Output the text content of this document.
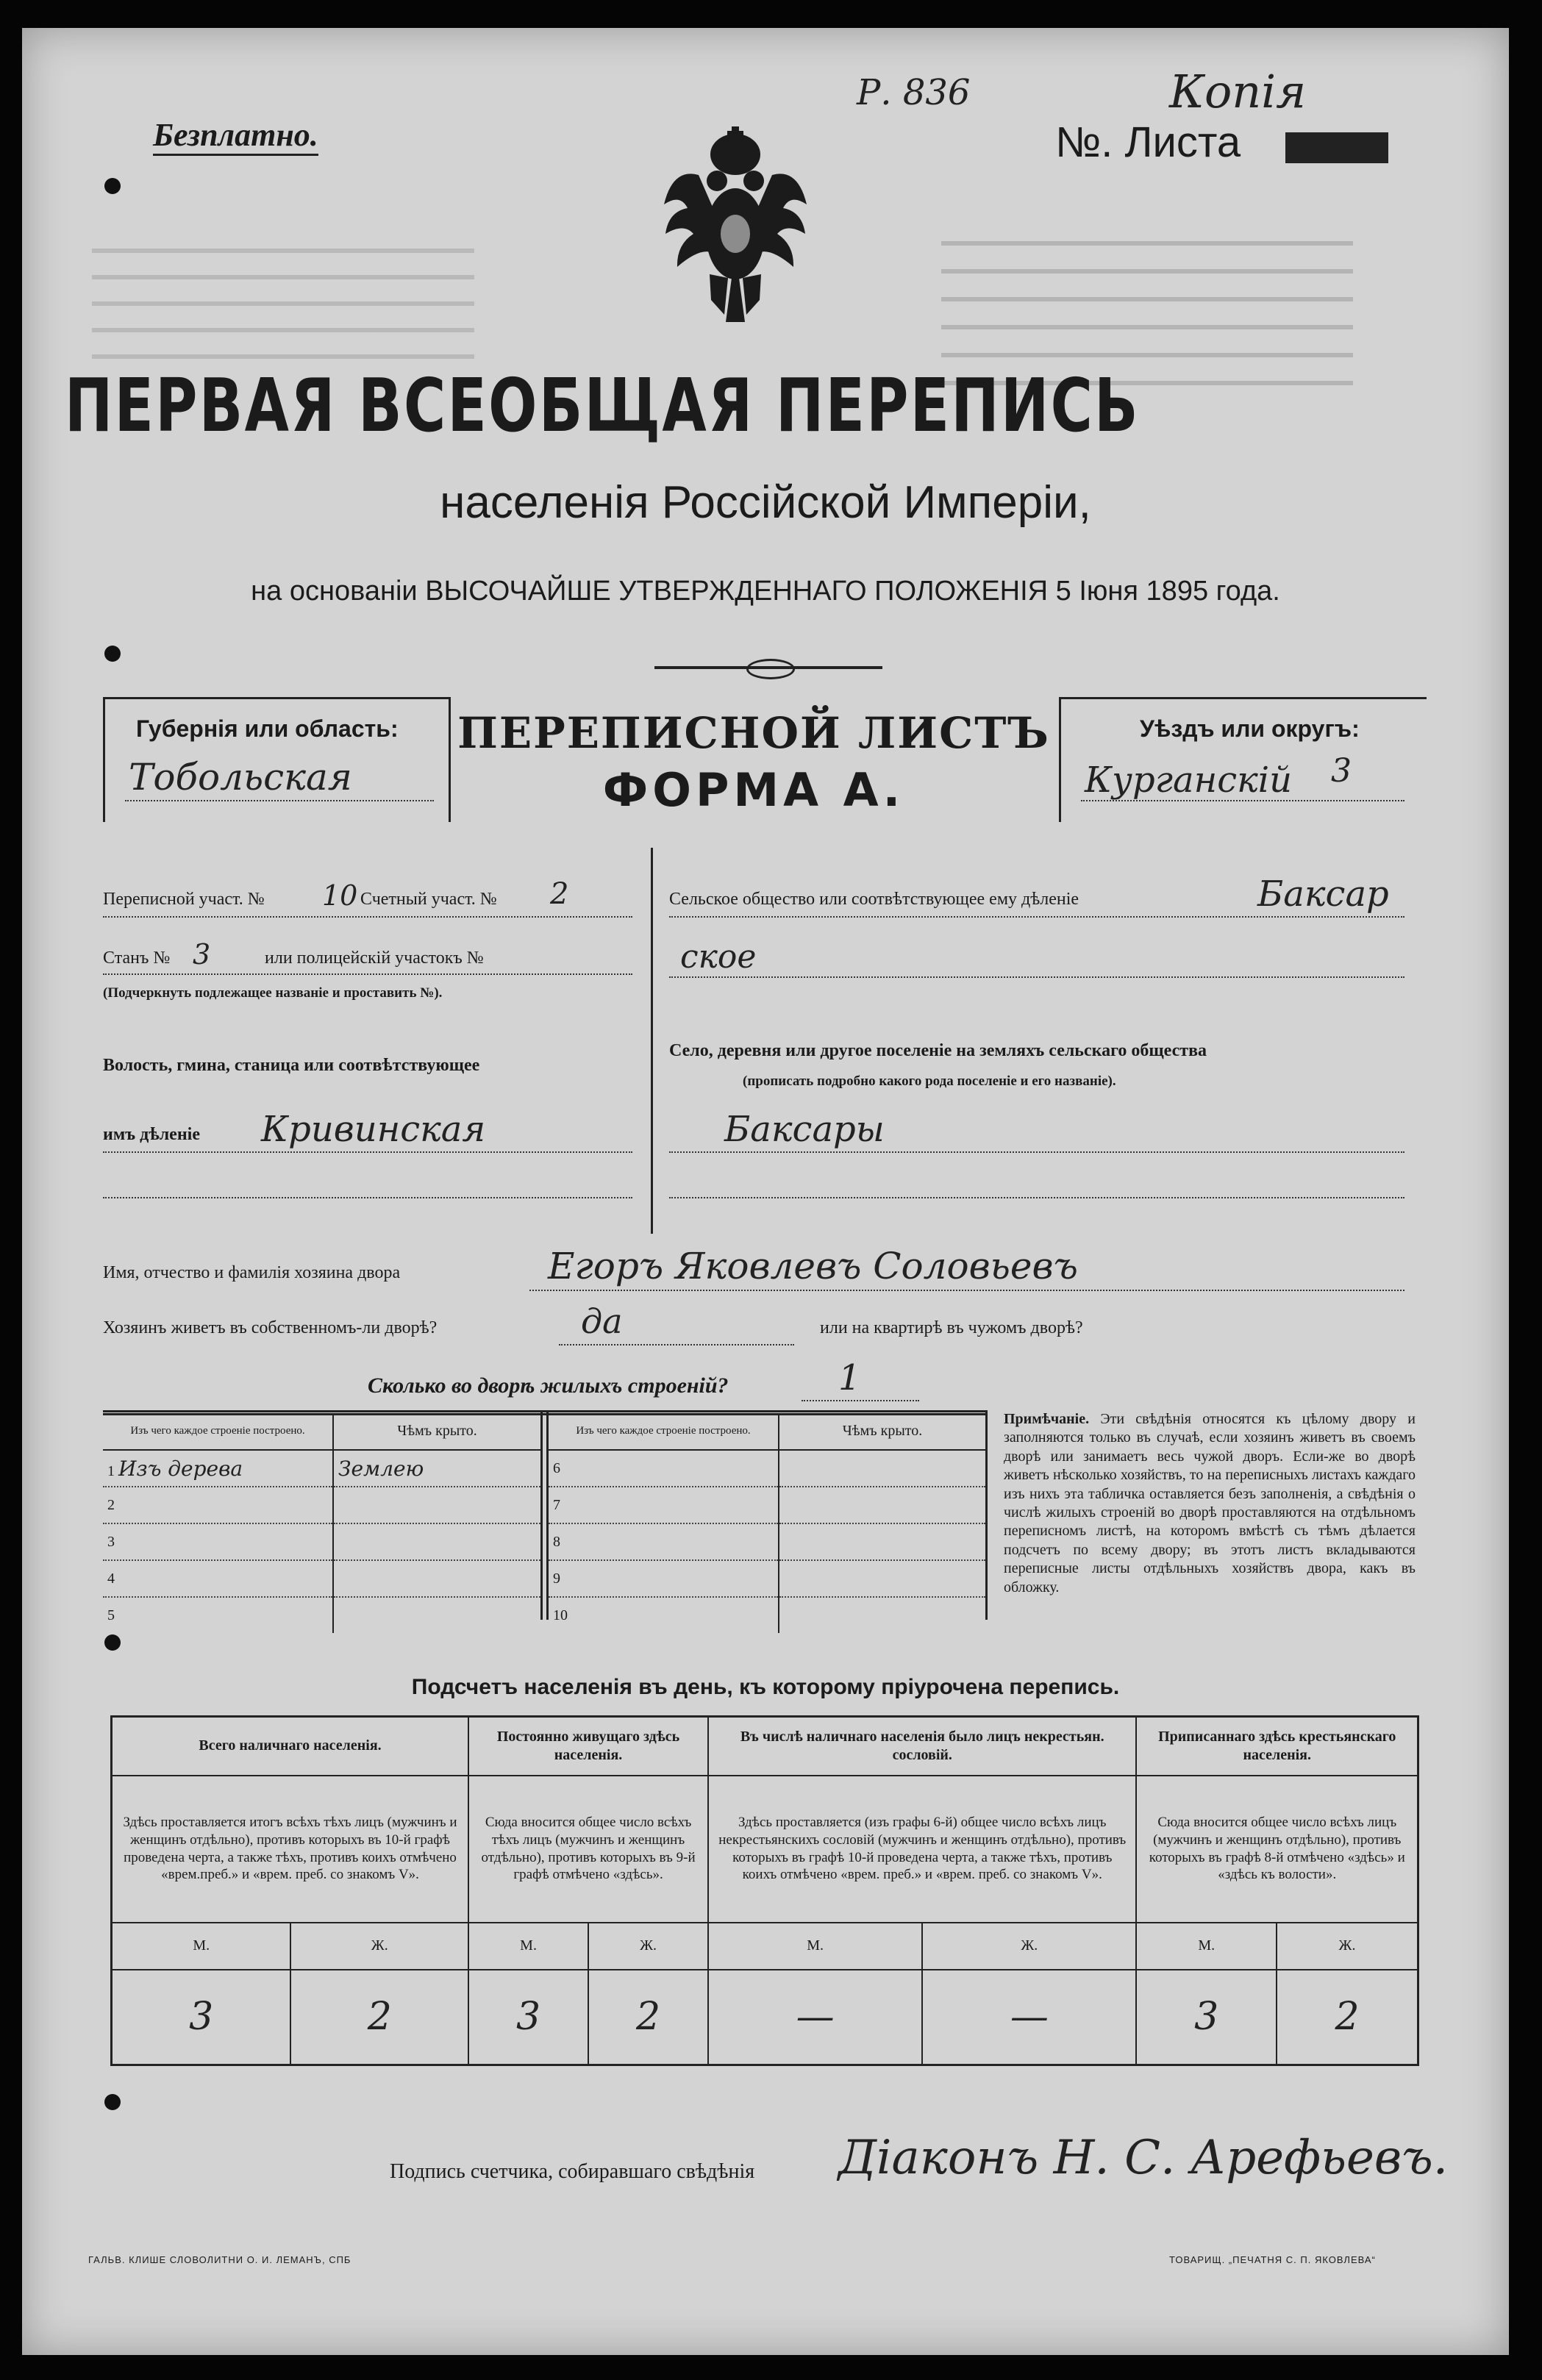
Безплатно.
Р. 836	Копiя
№. Листа
ПЕРВАЯ ВСЕОБЩАЯ ПЕРЕПИСЬ
населенія Россійской Имперіи,
на основаніи ВЫСОЧАЙШЕ УТВЕРЖДЕННАГО ПОЛОЖЕНІЯ 5 Іюня 1895 года.
Губернія или область:
Тобольская
ПЕРЕПИСНОЙ ЛИСТЪ
ФОРМА А.
Уѣздъ или округъ:
Курганскiй 3
Переписной участ. № 10 Счетный участ. № 2
Станъ № 3	или полицейскій участокъ №
(Подчеркнуть подлежащее названіе и проставить №).
Волость, гмина, станица или соотвѣтствующее
имъ дѣленіе Кривинская
Сельское общество или соотвѣтствующее ему дѣленіе	Баксар
ское
Село, деревня или другое поселеніе на земляхъ сельскаго общества
(прописать подробно какого рода поселеніе и его названіе).
Баксары
Имя, отчество и фамилія хозяина двора	Егоръ Яковлевъ Соловьевъ
Хозяинъ живетъ въ собственномъ-ли дворѣ?	да	или на квартирѣ въ чужомъ дворѣ?
Сколько во дворѣ жилыхъ строеній?	1
Изъ чего каждое строеніе построено.	Чѣмъ крыто.
1 Изъ дерева	Землею
2	
3	
4	
5	
Изъ чего каждое строеніе построено.	Чѣмъ крыто.
6	
7	
8	
9	
10	
Примѣчаніе. Эти свѣдѣнія относятся къ цѣлому двору и заполняются только въ случаѣ, если хозяинъ живетъ въ своемъ дворѣ или занимаетъ весь чужой дворъ. Если-же во дворѣ живетъ нѣсколько хозяйствъ, то на переписныхъ листахъ каждаго изъ нихъ эта табличка оставляется безъ заполненія, а свѣдѣнія о числѣ жилыхъ строеній во дворѣ проставляются на отдѣльномъ переписномъ листѣ, на которомъ вмѣстѣ съ тѣмъ дѣлается подсчетъ по всему двору; въ этотъ листъ вкладываются переписные листы отдѣльныхъ хозяйствъ двора, какъ въ обложку.
Подсчетъ населенія въ день, къ которому пріурочена перепись.
Всего наличнаго населенія.		Постоянно живущаго здѣсь населенія.		Въ числѣ наличнаго населенія было лицъ некрестьян. сословій.		Приписаннаго здѣсь крестьянскаго населенія.	
Здѣсь проставляется итогъ всѣхъ тѣхъ лицъ (мужчинъ и женщинъ отдѣльно), противъ которыхъ въ 10-й графѣ проведена черта, а также тѣхъ, противъ коихъ отмѣчено «врем.преб.» и «врем. преб. со знакомъ V».		Сюда вносится общее число всѣхъ тѣхъ лицъ (мужчинъ и женщинъ отдѣльно), противъ которыхъ въ 9-й графѣ отмѣчено «здѣсь».		Здѣсь проставляется (изъ графы 6-й) общее число всѣхъ лицъ некрестьянскихъ сословій (мужчинъ и женщинъ отдѣльно), противъ которыхъ въ графѣ 10-й проведена черта, а также тѣхъ, противъ коихъ отмѣчено «врем. преб.» и «врем. преб. со знакомъ V».		Сюда вносится общее число всѣхъ лицъ (мужчинъ и женщинъ отдѣльно), противъ которыхъ въ графѣ 8-й отмѣчено «здѣсь» и «здѣсь къ волости».	
М.	Ж.	М.	Ж.	М.	Ж.	М.	Ж.
3	2	3	2	—	—	3	2
Подпись счетчика, собиравшаго свѣдѣнія Дiаконъ Н. С. Арефьевъ.
ГАЛЬВ. КЛИШЕ СЛОВОЛИТНИ О. И. ЛЕМАНЪ, СПБ	ТОВАРИЩ. „ПЕЧАТНЯ С. П. ЯКОВЛЕВА“
